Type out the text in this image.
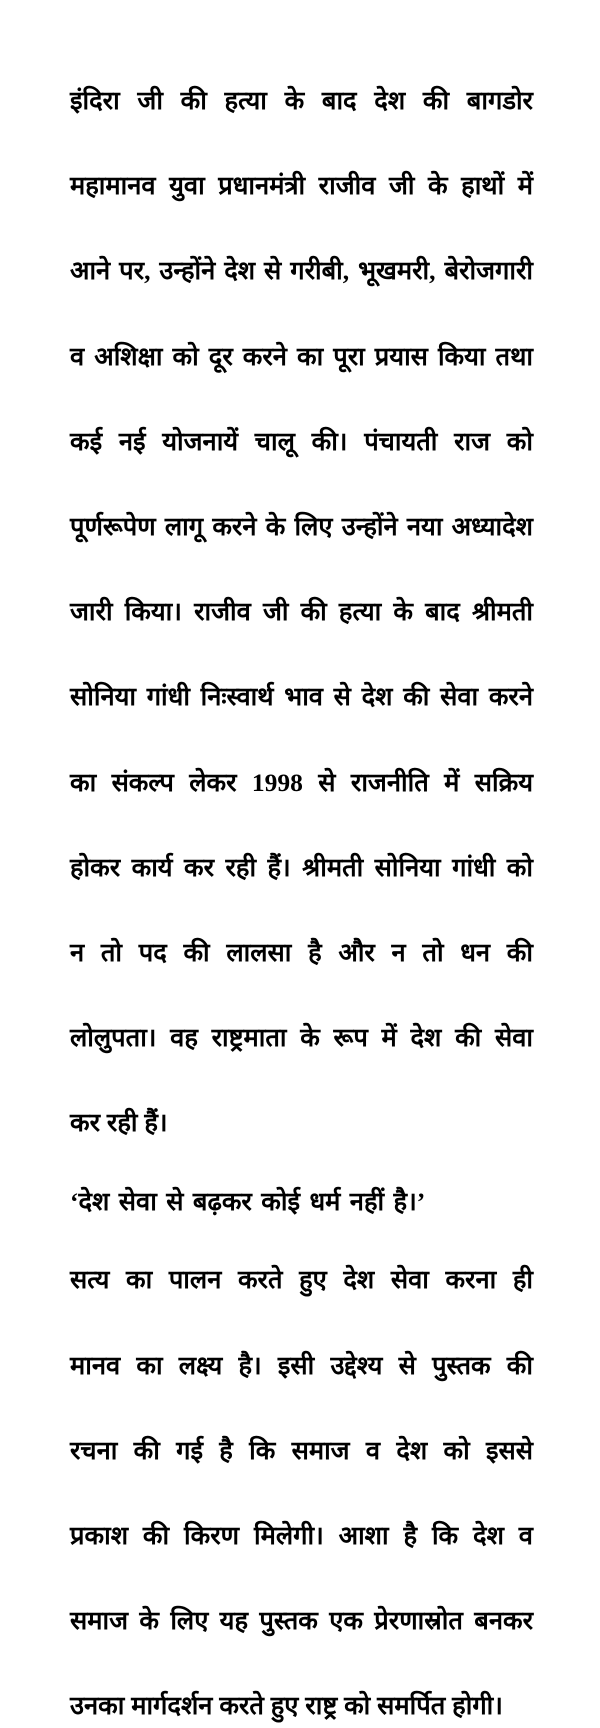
इंदिरा जी की हत्या के बाद देश की बागडोर
महामानव युवा प्रधानमंत्री राजीव जी के हाथों में
आने पर, उन्होंने देश से गरीबी, भूखमरी, बेरोजगारी
व अशिक्षा को दूर करने का पूरा प्रयास किया तथा
कई नई योजनायें चालू की। पंचायती राज को
पूर्णरूपेण लागू करने के लिए उन्होंने नया अध्यादेश
जारी किया। राजीव जी की हत्या के बाद श्रीमती
सोनिया गांधी निःस्वार्थ भाव से देश की सेवा करने
का संकल्प लेकर 1998 से राजनीति में सक्रिय
होकर कार्य कर रही हैं। श्रीमती सोनिया गांधी को
न तो पद की लालसा है और न तो धन की
लोलुपता। वह राष्ट्रमाता के रूप में देश की सेवा
कर रही हैं।
‘देश सेवा से बढ़कर कोई धर्म नहीं है।’
सत्य का पालन करते हुए देश सेवा करना ही
मानव का लक्ष्य है। इसी उद्देश्य से पुस्तक की
रचना की गई है कि समाज व देश को इससे
प्रकाश की किरण मिलेगी। आशा है कि देश व
समाज के लिए यह पुस्तक एक प्रेरणास्रोत बनकर
उनका मार्गदर्शन करते हुए राष्ट्र को समर्पित होगी।
